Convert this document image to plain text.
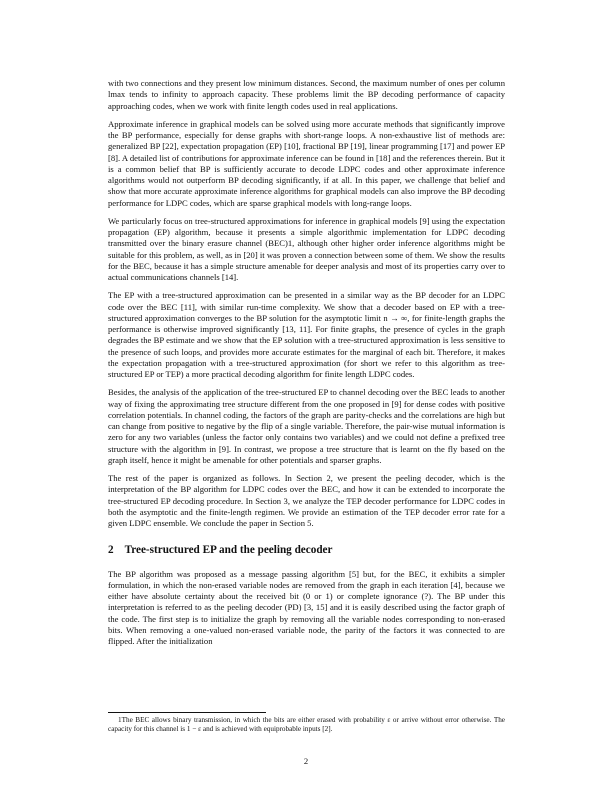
with two connections and they present low minimum distances. Second, the maximum number of ones per column lmax tends to infinity to approach capacity. These problems limit the BP decoding performance of capacity approaching codes, when we work with finite length codes used in real applications.

Approximate inference in graphical models can be solved using more accurate methods that significantly improve the BP performance, especially for dense graphs with short-range loops. A non-exhaustive list of methods are: generalized BP [22], expectation propagation (EP) [10], fractional BP [19], linear programming [17] and power EP [8]. A detailed list of contributions for approximate inference can be found in [18] and the references therein. But it is a common belief that BP is sufficiently accurate to decode LDPC codes and other approximate inference algorithms would not outperform BP decoding significantly, if at all. In this paper, we challenge that belief and show that more accurate approximate inference algorithms for graphical models can also improve the BP decoding performance for LDPC codes, which are sparse graphical models with long-range loops.

We particularly focus on tree-structured approximations for inference in graphical models [9] using the expectation propagation (EP) algorithm, because it presents a simple algorithmic implementation for LDPC decoding transmitted over the binary erasure channel (BEC)1, although other higher order inference algorithms might be suitable for this problem, as well, as in [20] it was proven a connection between some of them. We show the results for the BEC, because it has a simple structure amenable for deeper analysis and most of its properties carry over to actual communications channels [14].

The EP with a tree-structured approximation can be presented in a similar way as the BP decoder for an LDPC code over the BEC [11], with similar run-time complexity. We show that a decoder based on EP with a tree-structured approximation converges to the BP solution for the asymptotic limit n → ∞, for finite-length graphs the performance is otherwise improved significantly [13, 11]. For finite graphs, the presence of cycles in the graph degrades the BP estimate and we show that the EP solution with a tree-structured approximation is less sensitive to the presence of such loops, and provides more accurate estimates for the marginal of each bit. Therefore, it makes the expectation propagation with a tree-structured approximation (for short we refer to this algorithm as tree-structured EP or TEP) a more practical decoding algorithm for finite length LDPC codes.

Besides, the analysis of the application of the tree-structured EP to channel decoding over the BEC leads to another way of fixing the approximating tree structure different from the one proposed in [9] for dense codes with positive correlation potentials. In channel coding, the factors of the graph are parity-checks and the correlations are high but can change from positive to negative by the flip of a single variable. Therefore, the pair-wise mutual information is zero for any two variables (unless the factor only contains two variables) and we could not define a prefixed tree structure with the algorithm in [9]. In contrast, we propose a tree structure that is learnt on the fly based on the graph itself, hence it might be amenable for other potentials and sparser graphs.

The rest of the paper is organized as follows. In Section 2, we present the peeling decoder, which is the interpretation of the BP algorithm for LDPC codes over the BEC, and how it can be extended to incorporate the tree-structured EP decoding procedure. In Section 3, we analyze the TEP decoder performance for LDPC codes in both the asymptotic and the finite-length regimen. We provide an estimation of the TEP decoder error rate for a given LDPC ensemble. We conclude the paper in Section 5.

2 Tree-structured EP and the peeling decoder

The BP algorithm was proposed as a message passing algorithm [5] but, for the BEC, it exhibits a simpler formulation, in which the non-erased variable nodes are removed from the graph in each iteration [4], because we either have absolute certainty about the received bit (0 or 1) or complete ignorance (?). The BP under this interpretation is referred to as the peeling decoder (PD) [3, 15] and it is easily described using the factor graph of the code. The first step is to initialize the graph by removing all the variable nodes corresponding to non-erased bits. When removing a one-valued non-erased variable node, the parity of the factors it was connected to are flipped. After the initialization

1The BEC allows binary transmission, in which the bits are either erased with probability ε or arrive without error otherwise. The capacity for this channel is 1 − ε and is achieved with equiprobable inputs [2].

2
